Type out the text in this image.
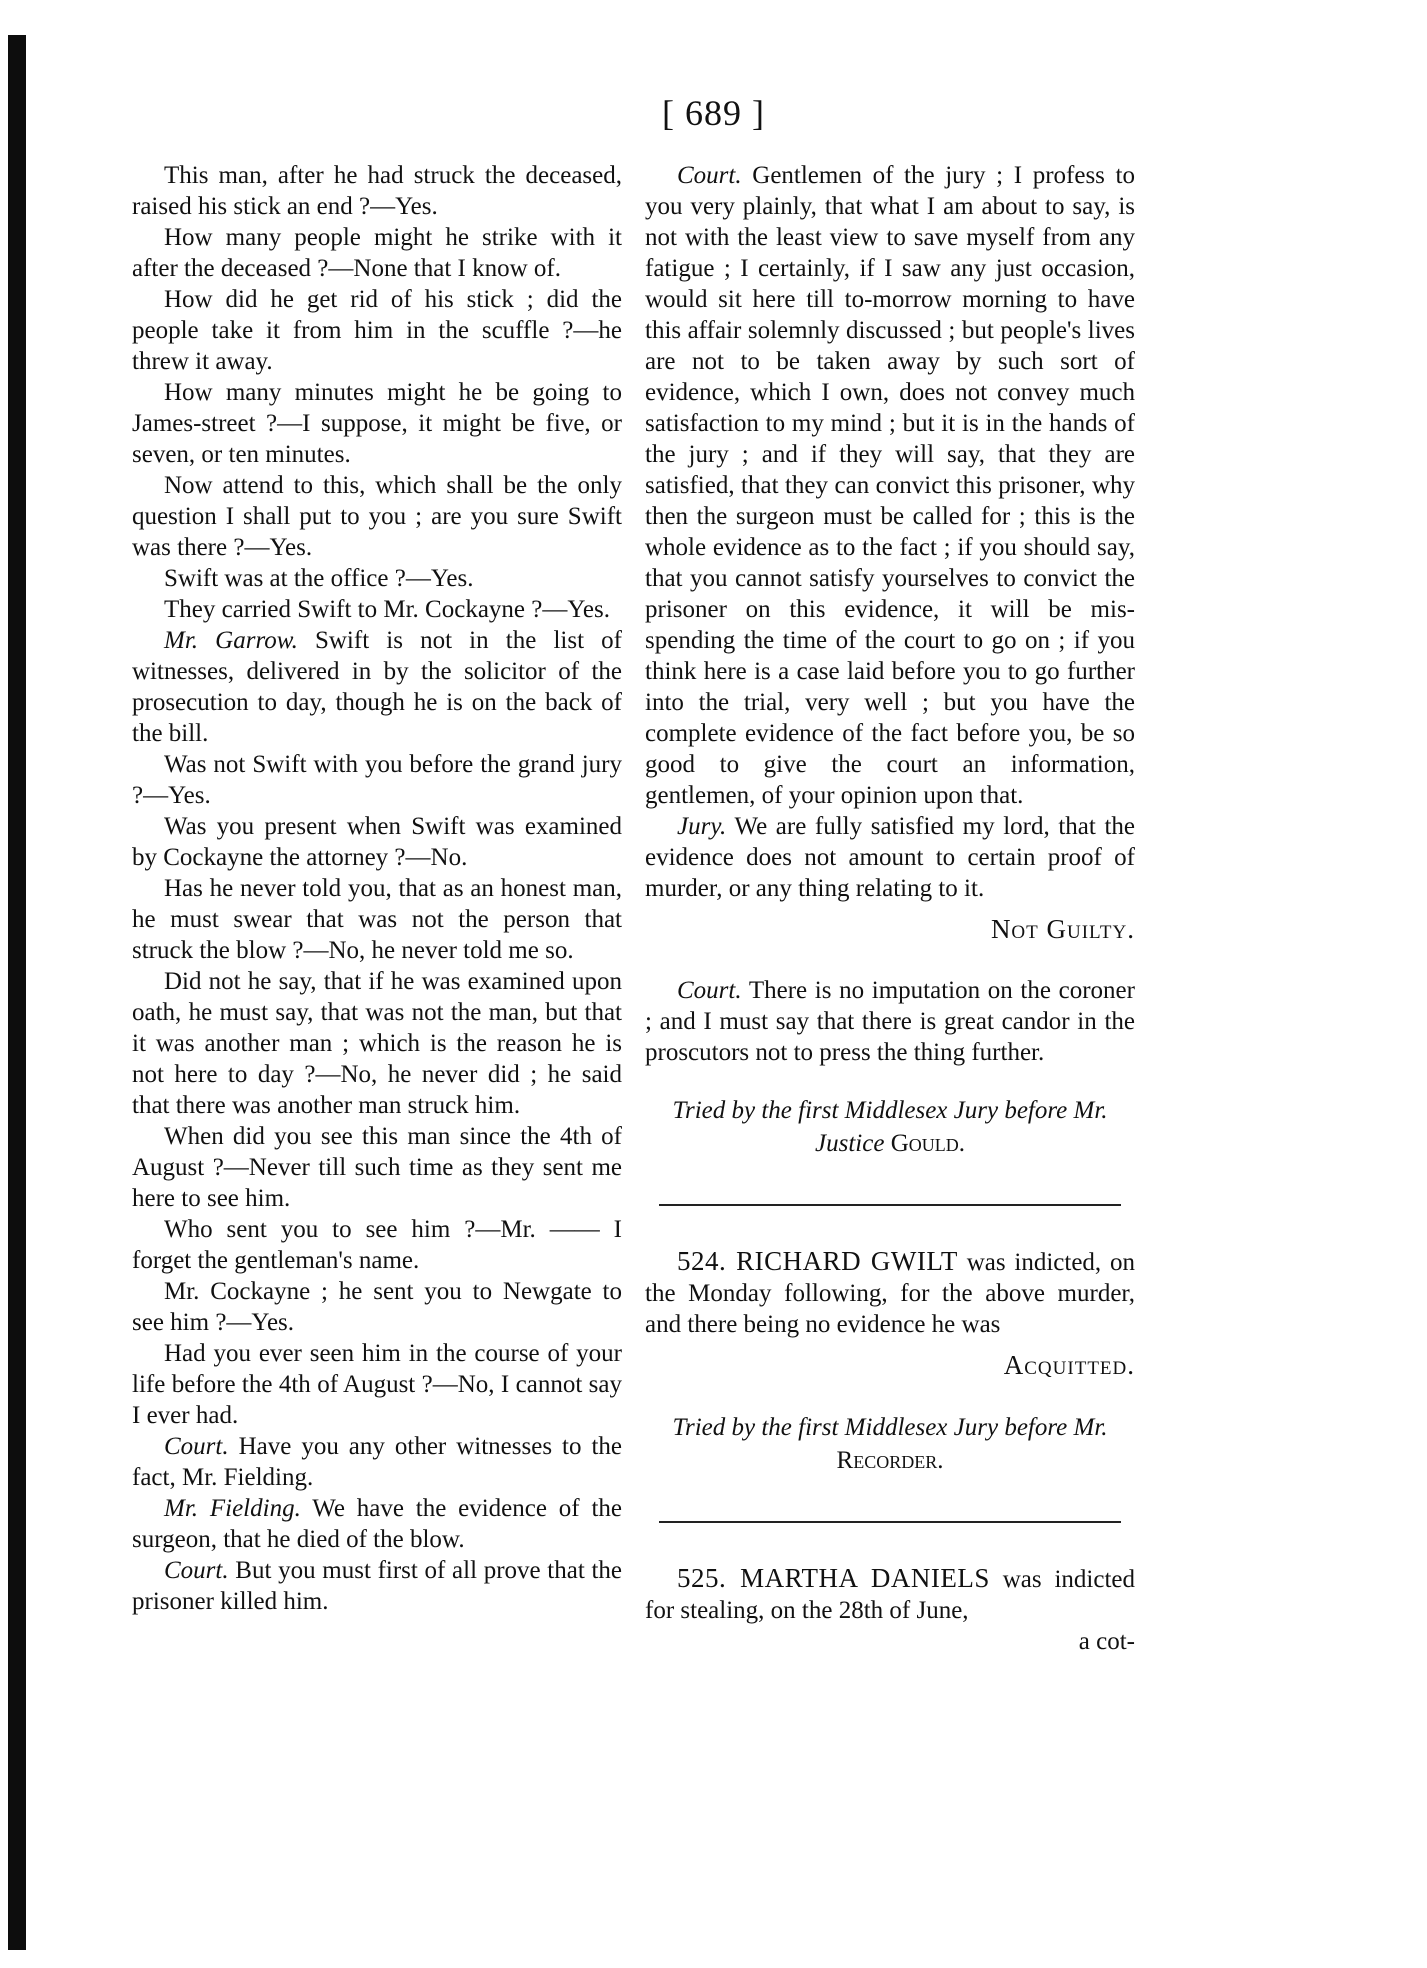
[ 689 ]

This man, after he had struck the deceased, raised his stick an end ?—Yes.

How many people might he strike with it after the deceased ?—None that I know of.

How did he get rid of his stick ; did the people take it from him in the scuffle ?—he threw it away.

How many minutes might he be going to James-street ?—I suppose, it might be five, or seven, or ten minutes.

Now attend to this, which shall be the only question I shall put to you ; are you sure Swift was there ?—Yes.

Swift was at the office ?—Yes.

They carried Swift to Mr. Cockayne ?—Yes.

Mr. Garrow. Swift is not in the list of witnesses, delivered in by the solicitor of the prosecution to day, though he is on the back of the bill.

Was not Swift with you before the grand jury ?—Yes.

Was you present when Swift was examined by Cockayne the attorney ?—No.

Has he never told you, that as an honest man, he must swear that was not the person that struck the blow ?—No, he never told me so.

Did not he say, that if he was examined upon oath, he must say, that was not the man, but that it was another man ; which is the reason he is not here to day ?—No, he never did ; he said that there was another man struck him.

When did you see this man since the 4th of August ?—Never till such time as they sent me here to see him.

Who sent you to see him ?—Mr. —— I forget the gentleman's name.

Mr. Cockayne ; he sent you to Newgate to see him ?—Yes.

Had you ever seen him in the course of your life before the 4th of August ?—No, I cannot say I ever had.

Court. Have you any other witnesses to the fact, Mr. Fielding.

Mr. Fielding. We have the evidence of the surgeon, that he died of the blow.

Court. But you must first of all prove that the prisoner killed him.

Court. Gentlemen of the jury ; I profess to you very plainly, that what I am about to say, is not with the least view to save myself from any fatigue ; I certainly, if I saw any just occasion, would sit here till to-morrow morning to have this affair solemnly discussed ; but people's lives are not to be taken away by such sort of evidence, which I own, does not convey much satisfaction to my mind ; but it is in the hands of the jury ; and if they will say, that they are satisfied, that they can convict this prisoner, why then the surgeon must be called for ; this is the whole evidence as to the fact ; if you should say, that you cannot satisfy yourselves to convict the prisoner on this evidence, it will be mis-spending the time of the court to go on ; if you think here is a case laid before you to go further into the trial, very well ; but you have the complete evidence of the fact before you, be so good to give the court an information, gentlemen, of your opinion upon that.

Jury. We are fully satisfied my lord, that the evidence does not amount to certain proof of murder, or any thing relating to it.

Not Guilty.

Court. There is no imputation on the coroner ; and I must say that there is great candor in the proscutors not to press the thing further.

Tried by the first Middlesex Jury before Mr. Justice Gould.

524. RICHARD GWILT was indicted, on the Monday following, for the above murder, and there being no evidence he was

Acquitted.

Tried by the first Middlesex Jury before Mr. Recorder.

525. MARTHA DANIELS was indicted for stealing, on the 28th of June,

a cot-
